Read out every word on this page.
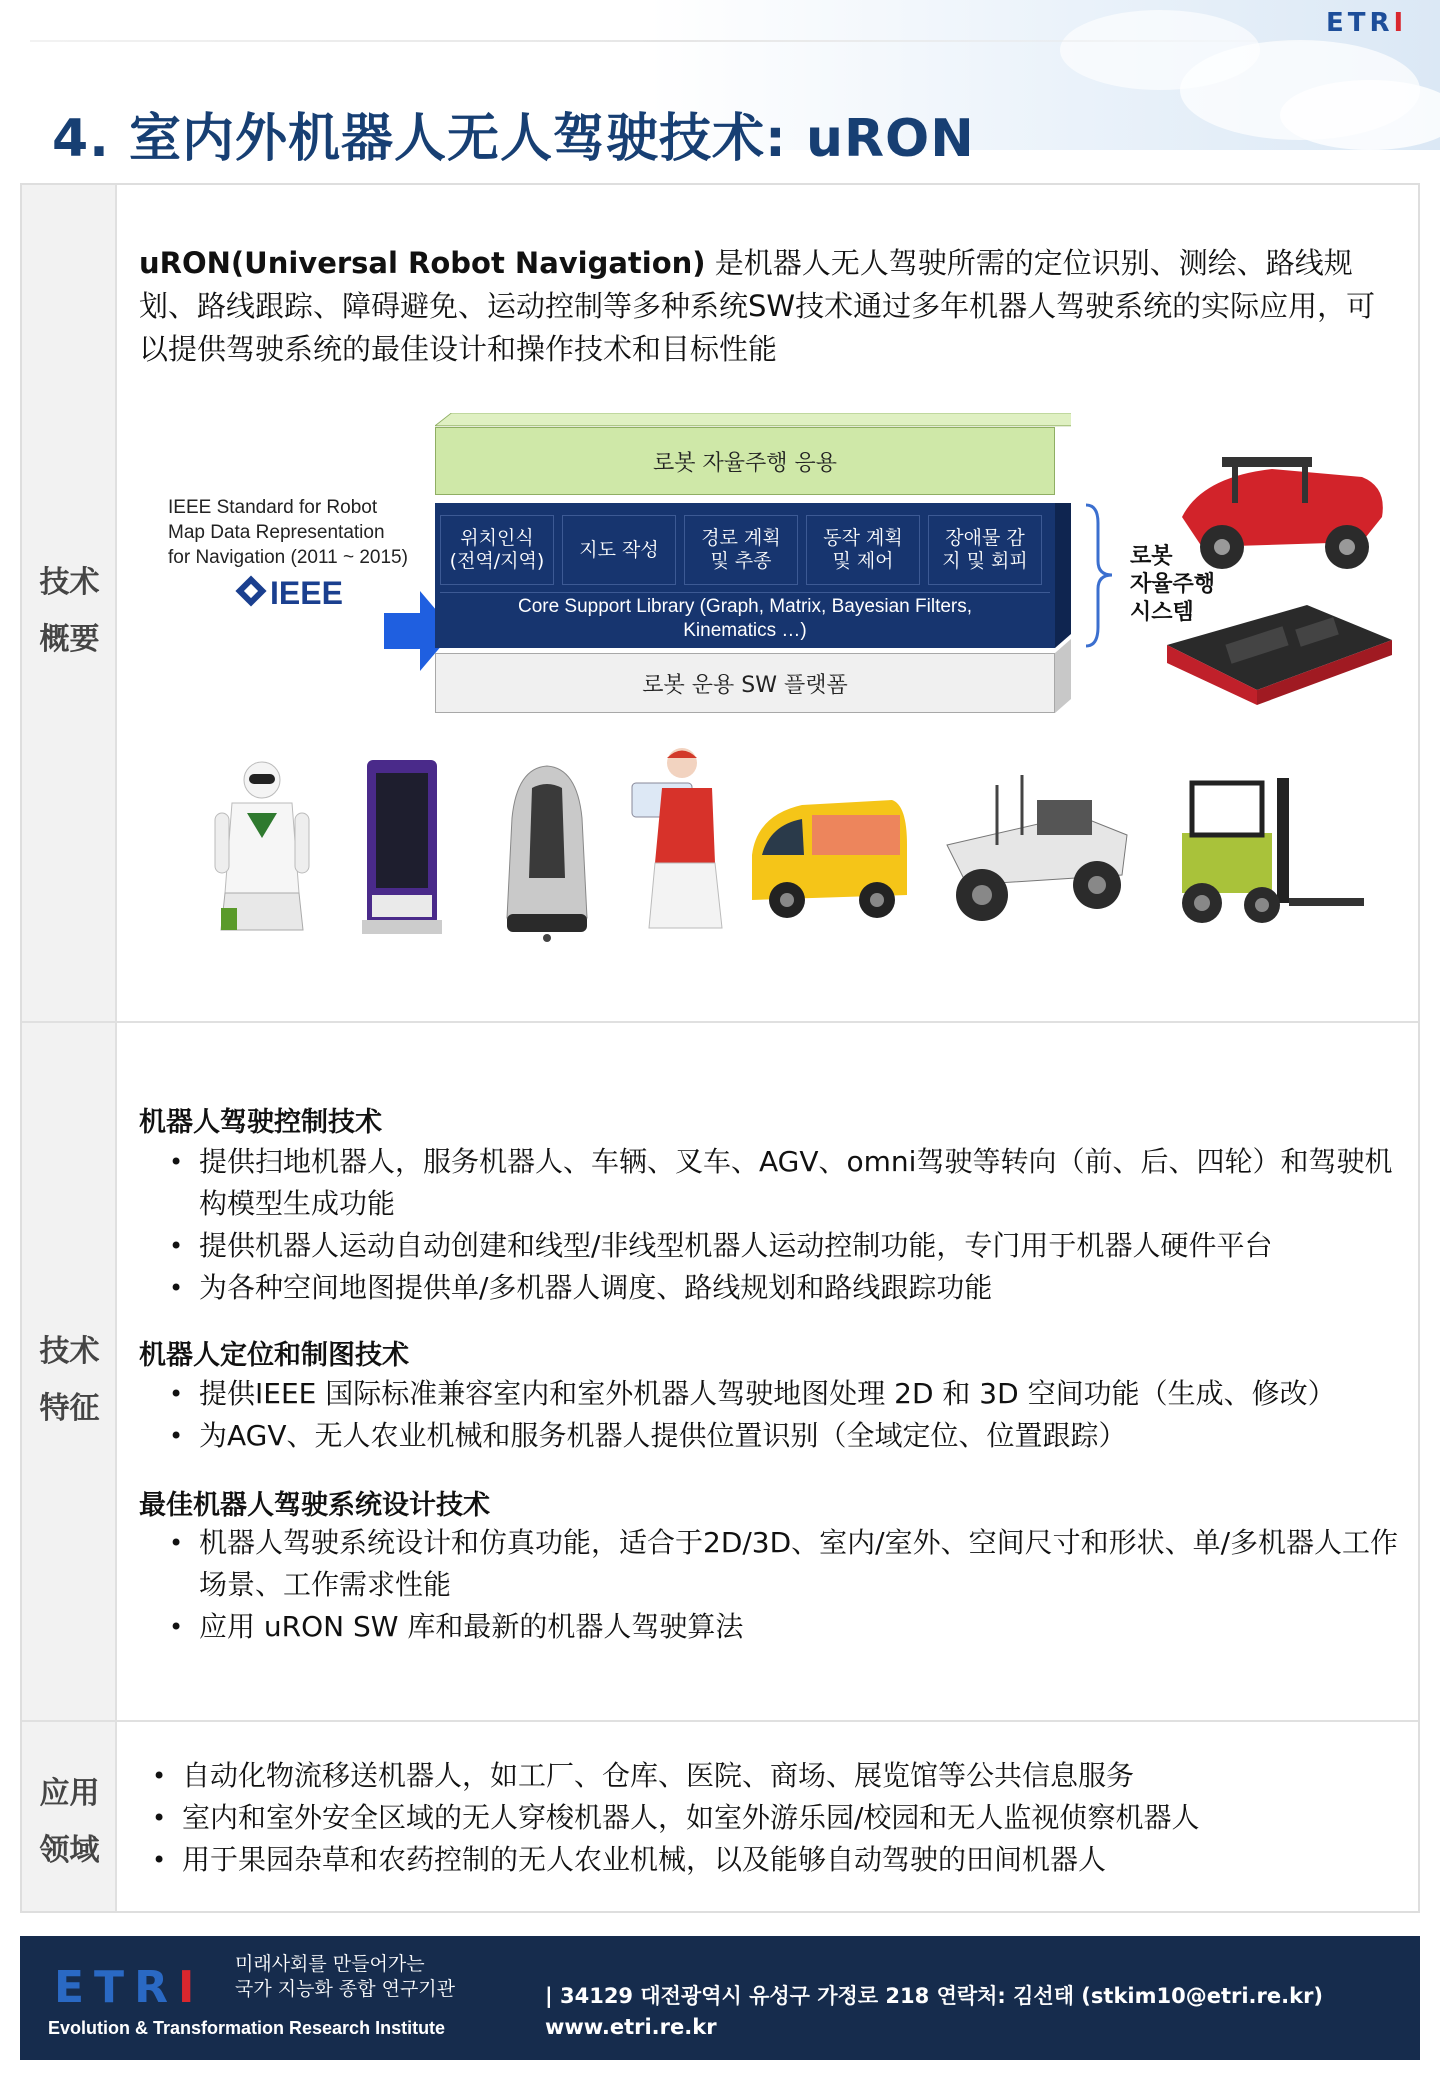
ETRI
4. 室内外机器人无人驾驶技术: uRON
技术
概要
技术
特征
应用
领域

uRON(Universal Robot Navigation) 是机器人无人驾驶所需的定位识别、测绘、路线规划、路线跟踪、障碍避免、运动控制等多种系统SW技术通过多年机器人驾驶系统的实际应用，可以提供驾驶系统的最佳设计和操作技术和目标性能

IEEE Standard for Robot
Map Data Representation
for Navigation (2011 ~ 2015)
IEEE
로봇 자율주행 응용
위치인식
(전역/지역)
지도 작성
경로 계획
및 추종
동작 계획
및 제어
장애물 감
지 및 회피
Core Support Library (Graph, Matrix, Bayesian Filters,
Kinematics …)
로봇 운용 SW 플랫폼
로봇
자율주행
시스템
机器人驾驶控制技术
• 提供扫地机器人，服务机器人、车辆、叉车、AGV、omni驾驶等转向（前、后、四轮）和驾驶机构模型生成功能
• 提供机器人运动自动创建和线型/非线型机器人运动控制功能，专门用于机器人硬件平台
• 为各种空间地图提供单/多机器人调度、路线规划和路线跟踪功能
机器人定位和制图技术
• 提供IEEE 国际标准兼容室内和室外机器人驾驶地图处理 2D 和 3D 空间功能（生成、修改）
• 为AGV、无人农业机械和服务机器人提供位置识别（全域定位、位置跟踪）
最佳机器人驾驶系统设计技术
• 机器人驾驶系统设计和仿真功能，适合于2D/3D、室内/室外、空间尺寸和形状、单/多机器人工作场景、工作需求性能
• 应用 uRON SW 库和最新的机器人驾驶算法
• 自动化物流移送机器人，如工厂、仓库、医院、商场、展览馆等公共信息服务
• 室内和室外安全区域的无人穿梭机器人，如室外游乐园/校园和无人监视侦察机器人
• 用于果园杂草和农药控制的无人农业机械，以及能够自动驾驶的田间机器人
ETRI 미래사회를 만들어가는
국가 지능화 종합 연구기관
Evolution & Transformation Research Institute
| 34129 대전광역시 유성구 가정로 218 연락처: 김선태 (stkim10@etri.re.kr)
www.etri.re.kr
